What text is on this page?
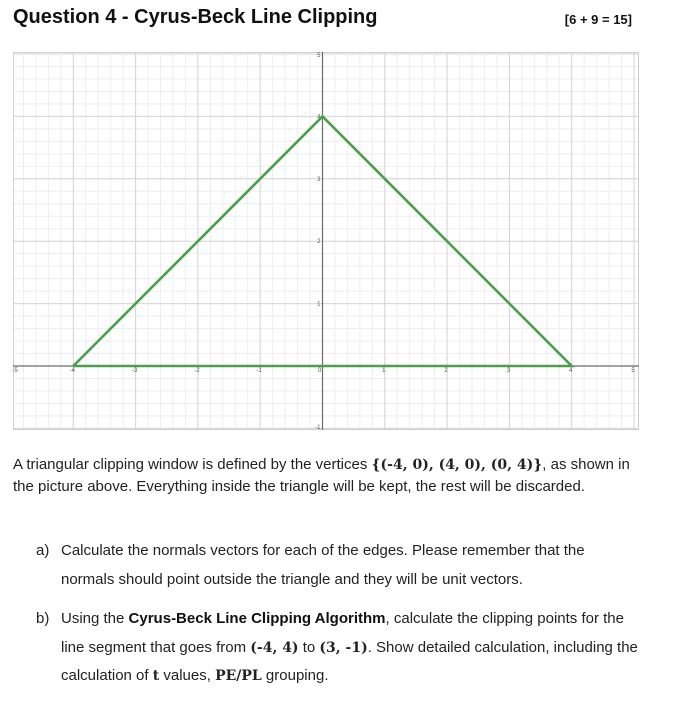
Question 4 - Cyrus-Beck Line Clipping	[6 + 9 = 15]
-5	-4	-3	-2	-1	0	1	2	3	4	5
-1
1
2
3
4
5
A triangular clipping window is defined by the vertices {(-4, 0), (4, 0), (0, 4)}, as shown in the picture above. Everything inside the triangle will be kept, the rest will be discarded.
a) Calculate the normals vectors for each of the edges. Please remember that the normals should point outside the triangle and they will be unit vectors.
b) Using the Cyrus-Beck Line Clipping Algorithm, calculate the clipping points for the line segment that goes from (-4, 4) to (3, -1). Show detailed calculation, including the calculation of t values, PE/PL grouping.
